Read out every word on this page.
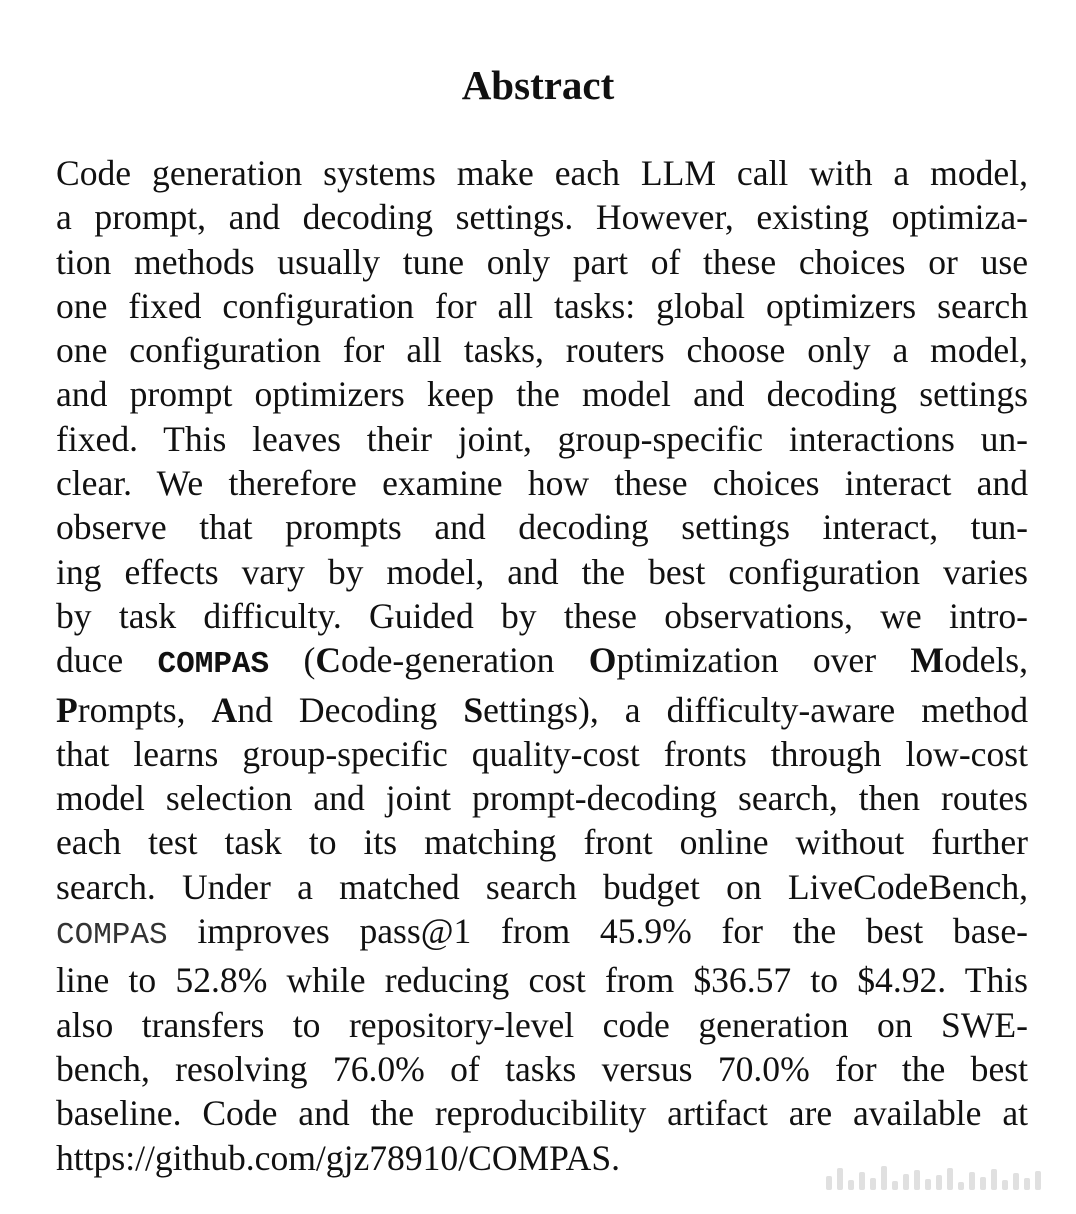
Abstract
Code generation systems make each LLM call with a model,
a prompt, and decoding settings. However, existing optimiza-
tion methods usually tune only part of these choices or use
one fixed configuration for all tasks: global optimizers search
one configuration for all tasks, routers choose only a model,
and prompt optimizers keep the model and decoding settings
fixed. This leaves their joint, group-specific interactions un-
clear. We therefore examine how these choices interact and
observe that prompts and decoding settings interact, tun-
ing effects vary by model, and the best configuration varies
by task difficulty. Guided by these observations, we intro-
duce COMPAS (Code-generation Optimization over Models,
Prompts, And Decoding Settings), a difficulty-aware method
that learns group-specific quality-cost fronts through low-cost
model selection and joint prompt-decoding search, then routes
each test task to its matching front online without further
search. Under a matched search budget on LiveCodeBench,
COMPAS improves pass@1 from 45.9% for the best base-
line to 52.8% while reducing cost from $36.57 to $4.92. This
also transfers to repository-level code generation on SWE-
bench, resolving 76.0% of tasks versus 70.0% for the best
baseline. Code and the reproducibility artifact are available at
https://github.com/gjz78910/COMPAS.
